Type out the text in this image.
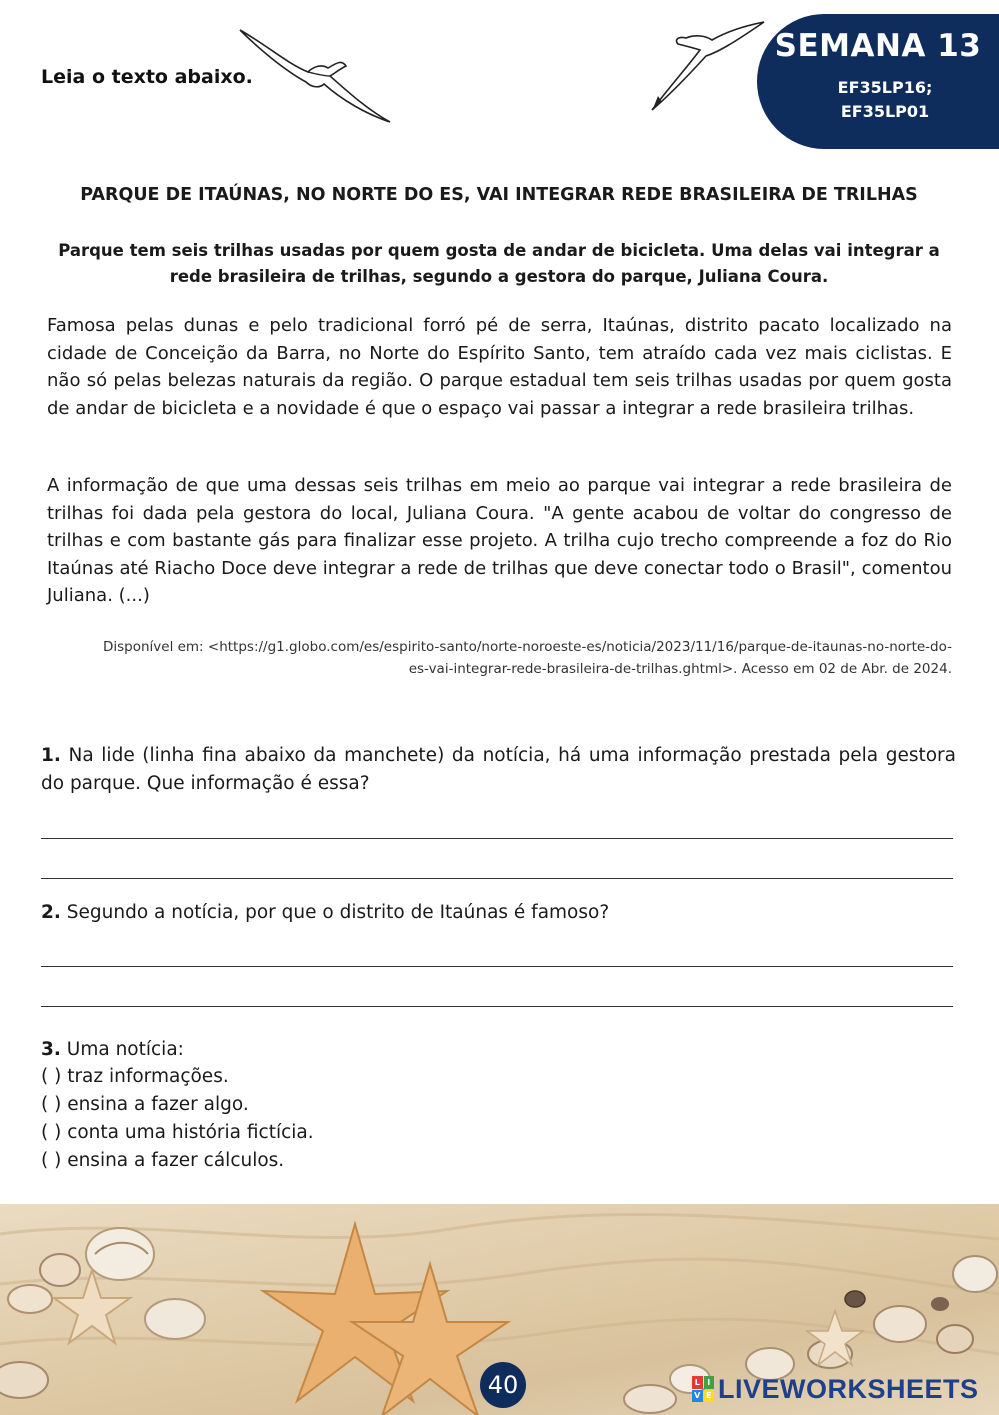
Leia o texto abaixo.
SEMANA 13
EF35LP16;
EF35LP01
PARQUE DE ITAÚNAS, NO NORTE DO ES, VAI INTEGRAR REDE BRASILEIRA DE TRILHAS
Parque tem seis trilhas usadas por quem gosta de andar de bicicleta. Uma delas vai integrar a rede brasileira de trilhas, segundo a gestora do parque, Juliana Coura.
Famosa pelas dunas e pelo tradicional forró pé de serra, Itaúnas, distrito pacato localizado na cidade de Conceição da Barra, no Norte do Espírito Santo, tem atraído cada vez mais ciclistas. E não só pelas belezas naturais da região. O parque estadual tem seis trilhas usadas por quem gosta de andar de bicicleta e a novidade é que o espaço vai passar a integrar a rede brasileira trilhas.
A informação de que uma dessas seis trilhas em meio ao parque vai integrar a rede brasileira de trilhas foi dada pela gestora do local, Juliana Coura. "A gente acabou de voltar do congresso de trilhas e com bastante gás para finalizar esse projeto. A trilha cujo trecho compreende a foz do Rio Itaúnas até Riacho Doce deve integrar a rede de trilhas que deve conectar todo o Brasil", comentou Juliana. (...)
Disponível em: <https://g1.globo.com/es/espirito-santo/norte-noroeste-es/noticia/2023/11/16/parque-de-itaunas-no-norte-do-
es-vai-integrar-rede-brasileira-de-trilhas.ghtml>. Acesso em 02 de Abr. de 2024.
1. Na lide (linha fina abaixo da manchete) da notícia, há uma informação prestada pela gestora do parque. Que informação é essa?
2. Segundo a notícia, por que o distrito de Itaúnas é famoso?
3. Uma notícia:
( ) traz informações.
( ) ensina a fazer algo.
( ) conta uma história fictícia.
( ) ensina a fazer cálculos.
40	L I
V E LIVEWORKSHEETS
